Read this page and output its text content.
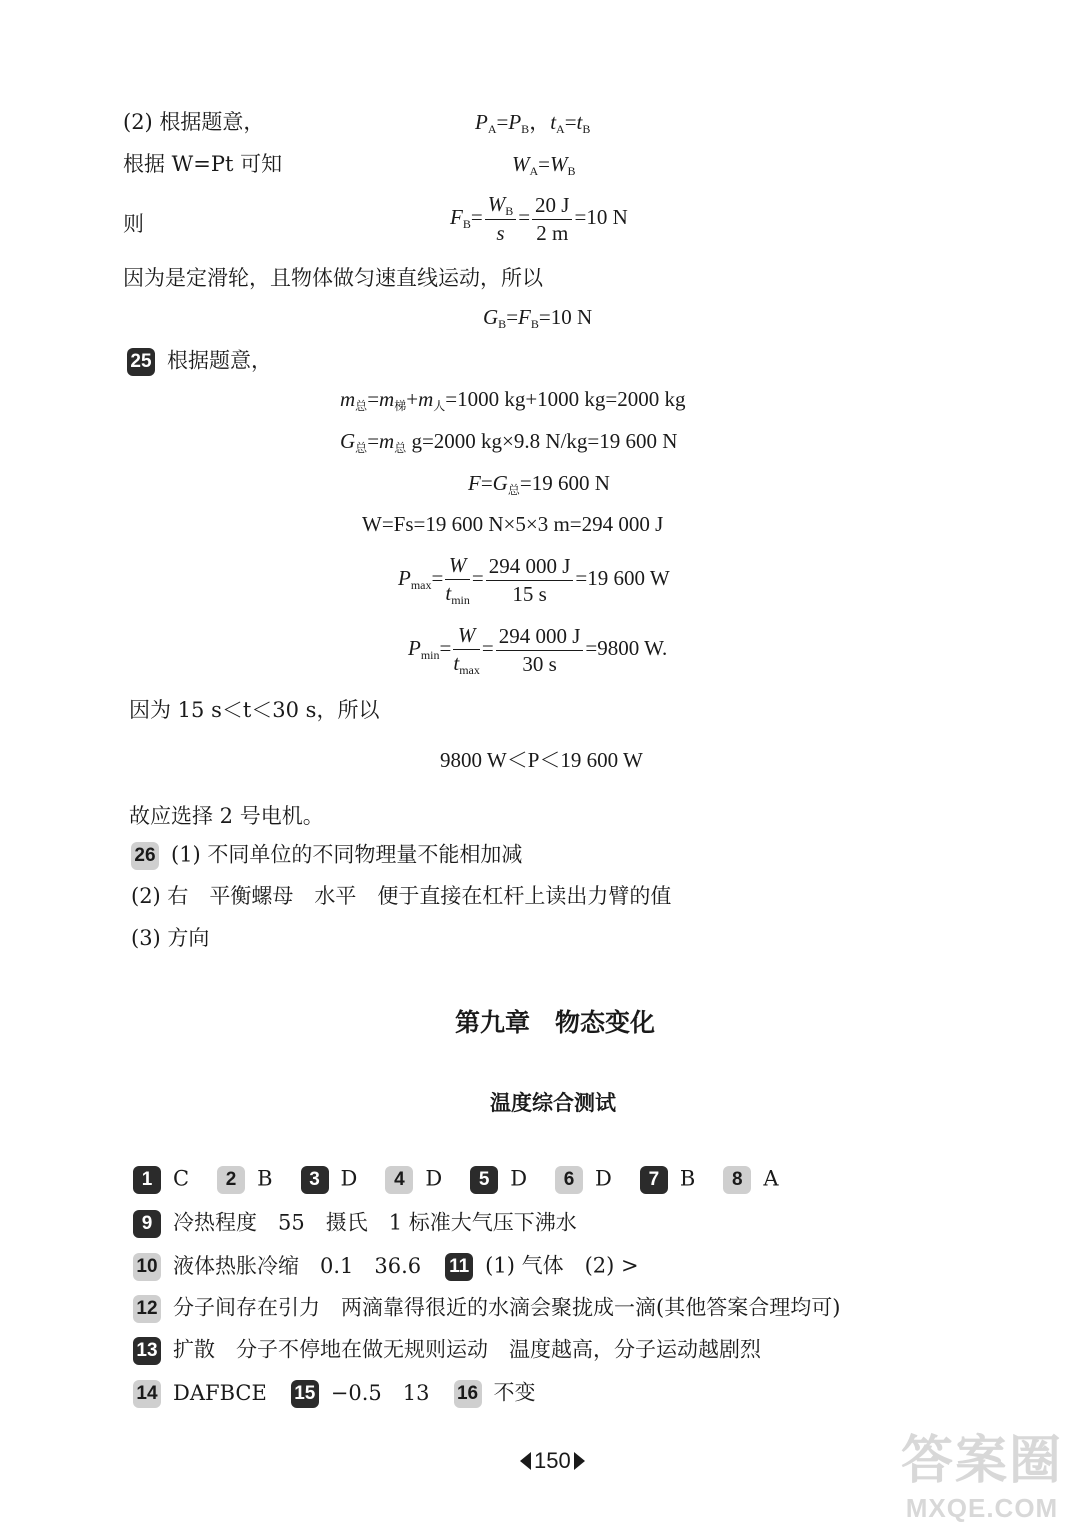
(2) 根据题意，	$P_A=P_B$，$t_A=t_B$
根据 W=Pt 可知	$W_A=W_B$
则	$F_B= \frac{W_B}{s} = \frac{20 J}{2 m} =10$ N
因为是定滑轮，且物体做匀速直线运动，所以
$G_B=F_B=10$ N
25 根据题意，
$m_总=m_梯+m_人=1000$ kg+1000 kg=2000 kg
$G_总=m_总$ g=2000 kg×9.8 N/kg=19 600 N
$F=G_总=19$ 600 N
W=Fs=19 600 N×5×3 m=294 000 J
$P_{max}= \frac{W}{t_{min}} = \frac{294 000 J}{15 s} =19$ 600 W
$P_{min}= \frac{W}{t_{max}} = \frac{294 000 J}{30 s} =9800$ W.
因为 15 s＜t＜30 s，所以
9800 W＜P＜19 600 W
故应选择 2 号电机。
26 (1) 不同单位的不同物理量不能相加减
(2) 右　平衡螺母　水平　便于直接在杠杆上读出力臂的值
(3) 方向
第九章　物态变化
温度综合测试
1 C 2 B 3 D 4 D 5 D 6 D 7 B 8 A
9 冷热程度　55　摄氏　1 标准大气压下沸水
10 液体热胀冷缩　0.1　36.6 11 (1) 气体　(2) >
12 分子间存在引力　两滴靠得很近的水滴会聚拢成一滴(其他答案合理均可)
13 扩散　分子不停地在做无规则运动　温度越高，分子运动越剧烈
14 DAFBCE 15 −0.5　13 16 不变
150	答案圈
MXQE.COM
